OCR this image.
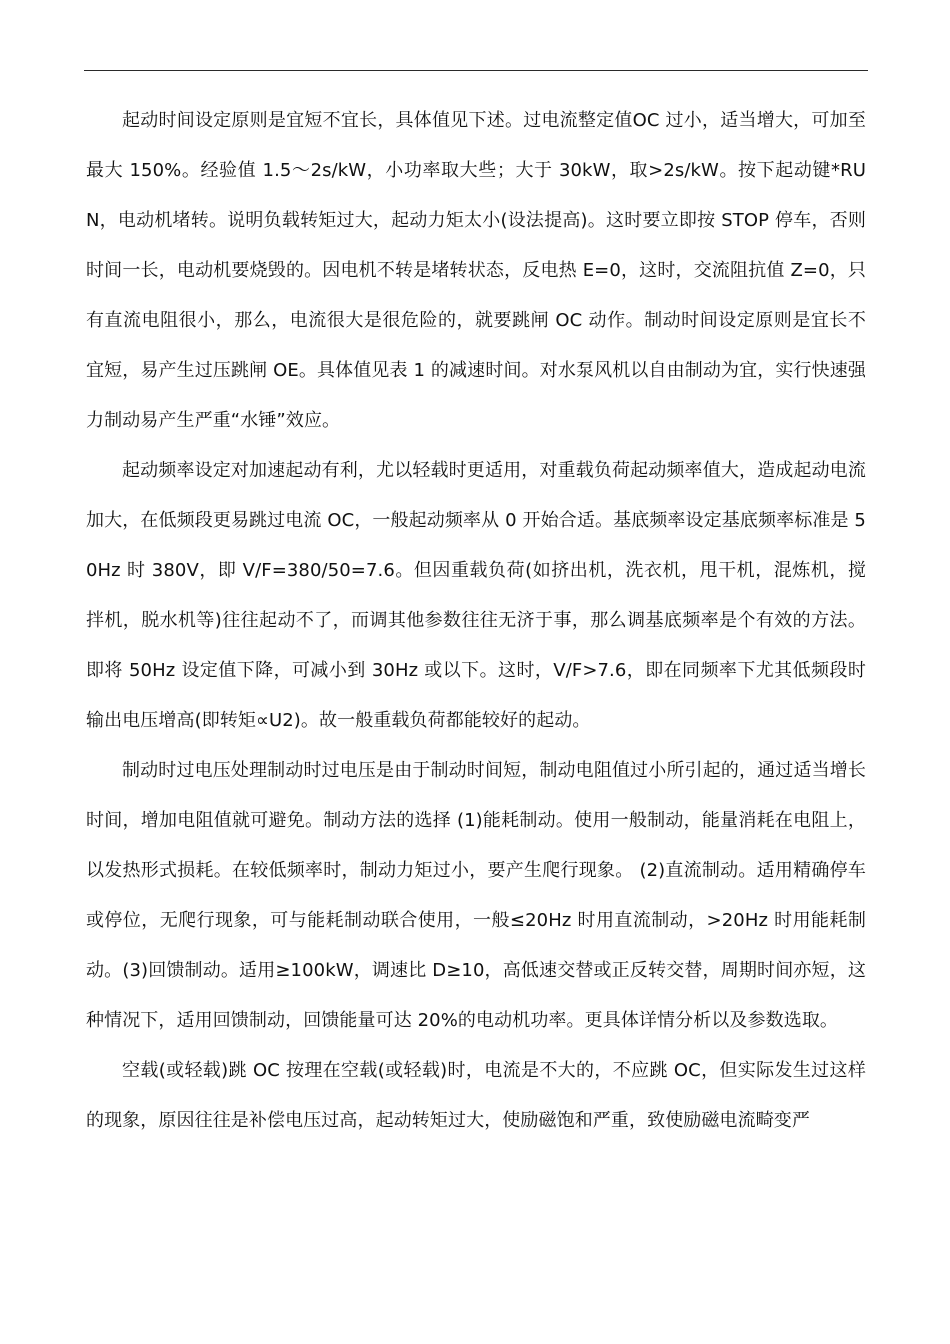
起动时间设定原则是宜短不宜长，具体值见下述。过电流整定值OC 过小，适当增大，可加至最大 150%。经验值 1.5～2s/kW，小功率取大些；大于 30kW，取>2s/kW。按下起动键*RUN，电动机堵转。说明负载转矩过大，起动力矩太小(设法提高)。这时要立即按 STOP 停车，否则时间一长，电动机要烧毁的。因电机不转是堵转状态，反电热 E=0，这时，交流阻抗值 Z=0，只有直流电阻很小，那么，电流很大是很危险的，就要跳闸 OC 动作。制动时间设定原则是宜长不宜短，易产生过压跳闸 OE。具体值见表 1 的减速时间。对水泵风机以自由制动为宜，实行快速强力制动易产生严重“水锤”效应。

起动频率设定对加速起动有利，尤以轻载时更适用，对重载负荷起动频率值大，造成起动电流加大，在低频段更易跳过电流 OC，一般起动频率从 0 开始合适。基底频率设定基底频率标准是 50Hz 时 380V，即 V/F=380/50=7.6。但因重载负荷(如挤出机，洗衣机，甩干机，混炼机，搅拌机，脱水机等)往往起动不了，而调其他参数往往无济于事，那么调基底频率是个有效的方法。即将 50Hz 设定值下降，可减小到 30Hz 或以下。这时，V/F>7.6，即在同频率下尤其低频段时输出电压增高(即转矩∝U2)。故一般重载负荷都能较好的起动。

制动时过电压处理制动时过电压是由于制动时间短，制动电阻值过小所引起的，通过适当增长时间，增加电阻值就可避免。制动方法的选择 (1)能耗制动。使用一般制动，能量消耗在电阻上，以发热形式损耗。在较低频率时，制动力矩过小，要产生爬行现象。 (2)直流制动。适用精确停车或停位，无爬行现象，可与能耗制动联合使用，一般≤20Hz 时用直流制动，>20Hz 时用能耗制动。(3)回馈制动。适用≥100kW，调速比 D≥10，高低速交替或正反转交替，周期时间亦短，这种情况下，适用回馈制动，回馈能量可达 20%的电动机功率。更具体详情分析以及参数选取。

空载(或轻载)跳 OC 按理在空载(或轻载)时，电流是不大的，不应跳 OC，但实际发生过这样的现象，原因往往是补偿电压过高，起动转矩过大，使励磁饱和严重，致使励磁电流畸变严
